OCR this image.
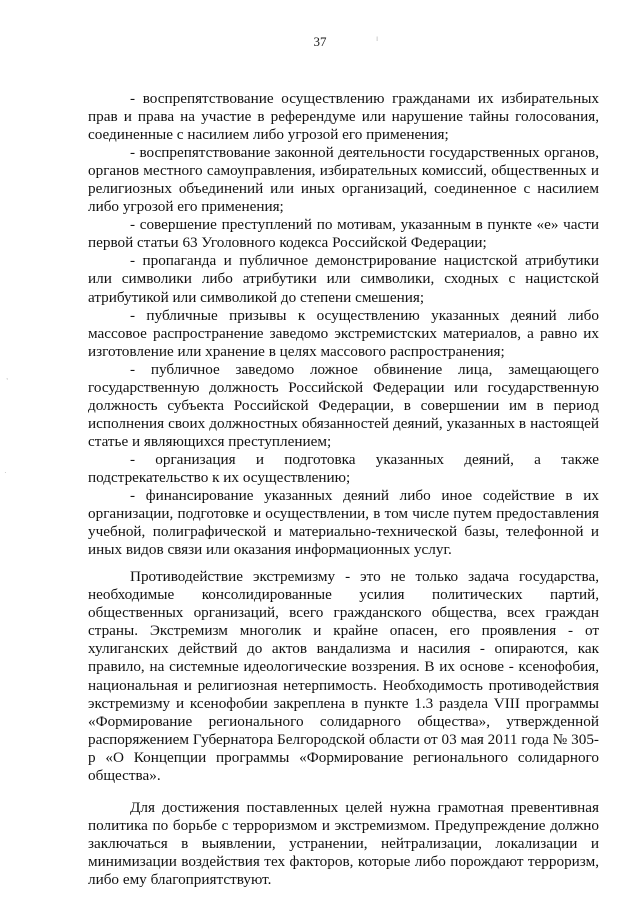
37

- воспрепятствование осуществлению гражданами их избирательных прав и права на участие в референдуме или нарушение тайны голосования, соединенные с насилием либо угрозой его применения;

- воспрепятствование законной деятельности государственных органов, органов местного самоуправления, избирательных комиссий, общественных и религиозных объединений или иных организаций, соединенное с насилием либо угрозой его применения;

- совершение преступлений по мотивам, указанным в пункте «е» части первой статьи 63 Уголовного кодекса Российской Федерации;

- пропаганда и публичное демонстрирование нацистской атрибутики или символики либо атрибутики или символики, сходных с нацистской атрибутикой или символикой до степени смешения;

- публичные призывы к осуществлению указанных деяний либо массовое распространение заведомо экстремистских материалов, а равно их изготовление или хранение в целях массового распространения;

- публичное заведомо ложное обвинение лица, замещающего государственную должность Российской Федерации или государственную должность субъекта Российской Федерации, в совершении им в период исполнения своих должностных обязанностей деяний, указанных в настоящей статье и являющихся преступлением;

- организация и подготовка указанных деяний, а также подстрекательство к их осуществлению;

- финансирование указанных деяний либо иное содействие в их организации, подготовке и осуществлении, в том числе путем предоставления учебной, полиграфической и материально-технической базы, телефонной и иных видов связи или оказания информационных услуг.

Противодействие экстремизму - это не только задача государства, необходимые консолидированные усилия политических партий, общественных организаций, всего гражданского общества, всех граждан страны. Экстремизм многолик и крайне опасен, его проявления - от хулиганских действий до актов вандализма и насилия - опираются, как правило, на системные идеологические воззрения. В их основе - ксенофобия, национальная и религиозная нетерпимость. Необходимость противодействия экстремизму и ксенофобии закреплена в пункте 1.3 раздела VIII программы «Формирование регионального солидарного общества», утвержденной распоряжением Губернатора Белгородской области от 03 мая 2011 года № 305-р «О Концепции программы «Формирование регионального солидарного общества».

Для достижения поставленных целей нужна грамотная превентивная политика по борьбе с терроризмом и экстремизмом. Предупреждение должно заключаться в выявлении, устранении, нейтрализации, локализации и минимизации воздействия тех факторов, которые либо порождают терроризм, либо ему благоприятствуют.

,
·
ı
